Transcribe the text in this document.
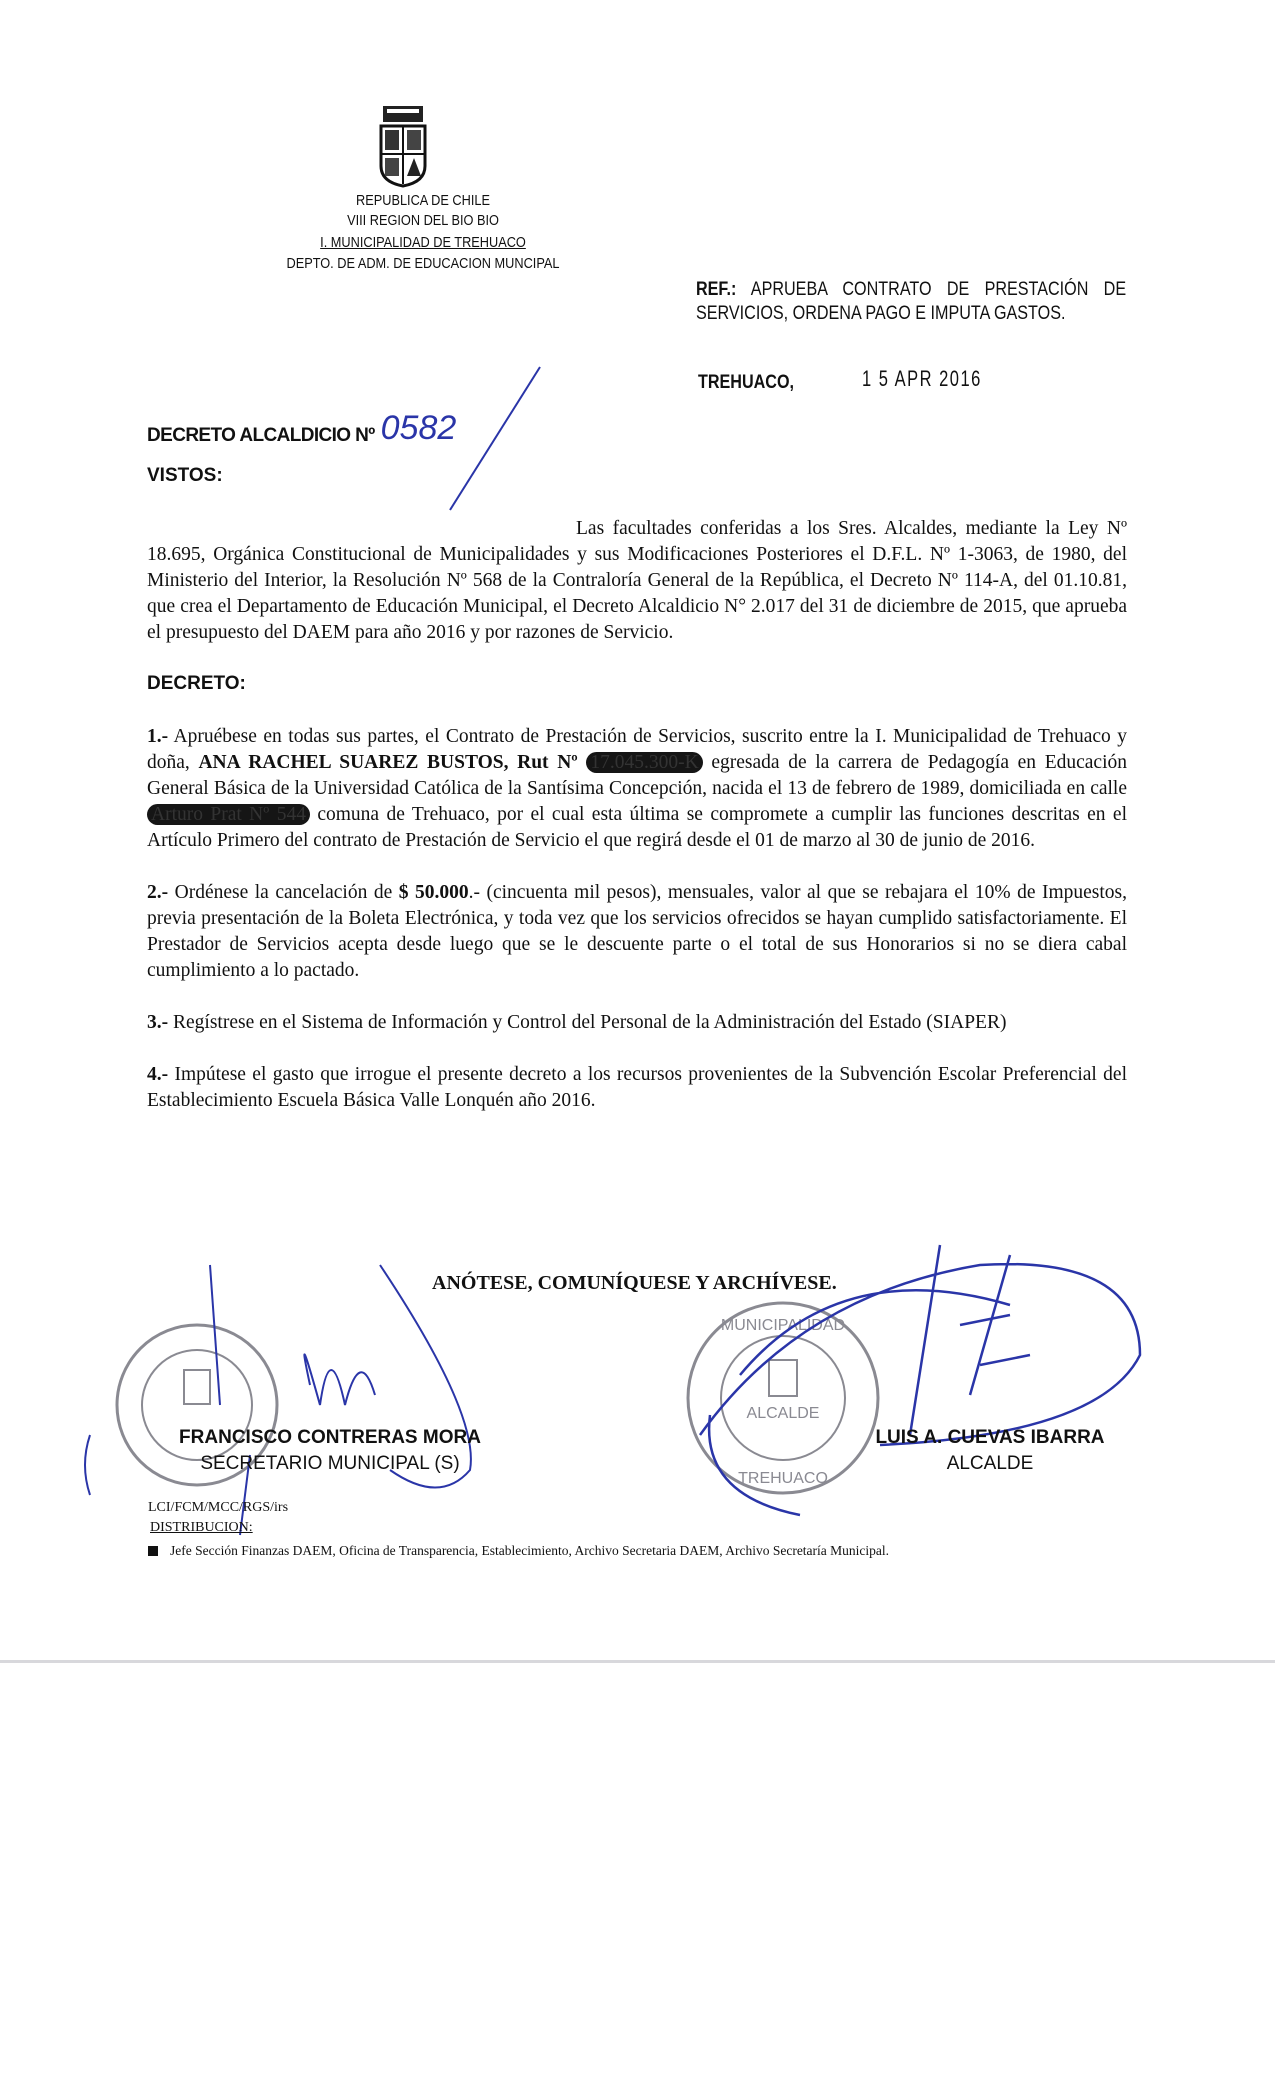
REPUBLICA DE CHILE
VIII REGION DEL BIO BIO
I. MUNICIPALIDAD DE TREHUACO
DEPTO. DE ADM. DE EDUCACION MUNCIPAL
REF.: APRUEBA CONTRATO DE PRESTACIÓN DE SERVICIOS, ORDENA PAGO E IMPUTA GASTOS.
TREHUACO,	1 5 APR 2016
DECRETO ALCALDICIO Nº 0582
VISTOS:
Las facultades conferidas a los Sres. Alcaldes, mediante la Ley Nº 18.695, Orgánica Constitucional de Municipalidades y sus Modificaciones Posteriores el D.F.L. Nº 1-3063, de 1980, del Ministerio del Interior, la Resolución Nº 568 de la Contraloría General de la República, el Decreto Nº 114-A, del 01.10.81, que crea el Departamento de Educación Municipal, el Decreto Alcaldicio N° 2.017 del 31 de diciembre de 2015, que aprueba el presupuesto del DAEM para año 2016 y por razones de Servicio.
DECRETO:
1.- Apruébese en todas sus partes, el Contrato de Prestación de Servicios, suscrito entre la I. Municipalidad de Trehuaco y doña, ANA RACHEL SUAREZ BUSTOS, Rut Nº 17.045.300-K egresada de la carrera de Pedagogía en Educación General Básica de la Universidad Católica de la Santísima Concepción, nacida el 13 de febrero de 1989, domiciliada en calle Arturo Prat Nº 544 comuna de Trehuaco, por el cual esta última se compromete a cumplir las funciones descritas en el Artículo Primero del contrato de Prestación de Servicio el que regirá desde el 01 de marzo al 30 de junio de 2016.
2.- Ordénese la cancelación de $ 50.000.- (cincuenta mil pesos), mensuales, valor al que se rebajara el 10% de Impuestos, previa presentación de la Boleta Electrónica, y toda vez que los servicios ofrecidos se hayan cumplido satisfactoriamente. El Prestador de Servicios acepta desde luego que se le descuente parte o el total de sus Honorarios si no se diera cabal cumplimiento a lo pactado.
3.- Regístrese en el Sistema de Información y Control del Personal de la Administración del Estado (SIAPER)
4.- Impútese el gasto que irrogue el presente decreto a los recursos provenientes de la Subvención Escolar Preferencial del Establecimiento Escuela Básica Valle Lonquén año 2016.
ANÓTESE, COMUNÍQUESE Y ARCHÍVESE.
ALCALDE
MUNICIPALIDAD
TREHUACO
FRANCISCO CONTRERAS MORA
SECRETARIO MUNICIPAL (S)
LUIS A. CUEVAS IBARRA
ALCALDE
LCI/FCM/MCC/RGS/irs
DISTRIBUCION:
Jefe Sección Finanzas DAEM, Oficina de Transparencia, Establecimiento, Archivo Secretaria DAEM, Archivo Secretaría Municipal.
